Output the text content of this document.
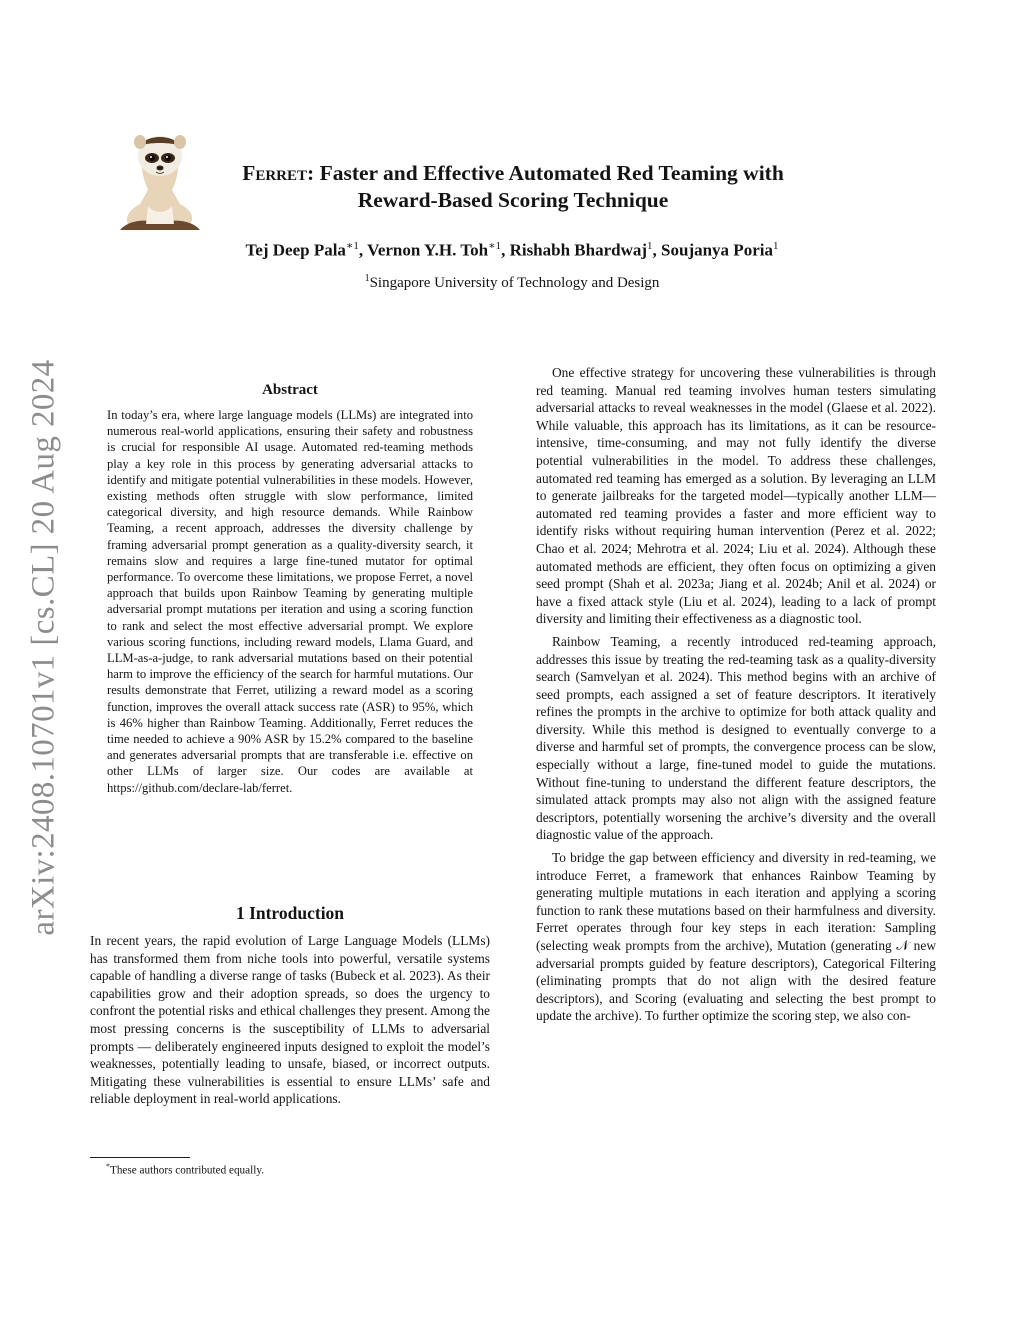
arXiv:2408.10701v1 [cs.CL] 20 Aug 2024
Ferret: Faster and Effective Automated Red Teaming with
Reward-Based Scoring Technique
Tej Deep Pala$^{∗1}$, Vernon Y.H. Toh$^{∗1}$, Rishabh Bhardwaj$^1$, Soujanya Poria$^1$
$^1$Singapore University of Technology and Design
Abstract

In today’s era, where large language models (LLMs) are integrated into numerous real-world applications, ensuring their safety and robustness is crucial for responsible AI usage. Automated red-teaming methods play a key role in this process by generating adversarial attacks to identify and mitigate potential vulnerabilities in these models. However, existing methods often struggle with slow performance, limited categorical diversity, and high resource demands. While Rainbow Teaming, a recent approach, addresses the diversity challenge by framing adversarial prompt generation as a quality-diversity search, it remains slow and requires a large fine-tuned mutator for optimal performance. To overcome these limitations, we propose Ferret, a novel approach that builds upon Rainbow Teaming by generating multiple adversarial prompt mutations per iteration and using a scoring function to rank and select the most effective adversarial prompt. We explore various scoring functions, including reward models, Llama Guard, and LLM-as-a-judge, to rank adversarial mutations based on their potential harm to improve the efficiency of the search for harmful mutations. Our results demonstrate that Ferret, utilizing a reward model as a scoring function, improves the overall attack success rate (ASR) to 95%, which is 46% higher than Rainbow Teaming. Additionally, Ferret reduces the time needed to achieve a 90% ASR by 15.2% compared to the baseline and generates adversarial prompts that are transferable i.e. effective on other LLMs of larger size. Our codes are available at https://github.com/declare-lab/ferret.

1 Introduction

In recent years, the rapid evolution of Large Language Models (LLMs) has transformed them from niche tools into powerful, versatile systems capable of handling a diverse range of tasks (Bubeck et al. 2023). As their capabilities grow and their adoption spreads, so does the urgency to confront the potential risks and ethical challenges they present. Among the most pressing concerns is the susceptibility of LLMs to adversarial prompts — deliberately engineered inputs designed to exploit the model’s weaknesses, potentially leading to unsafe, biased, or incorrect outputs. Mitigating these vulnerabilities is essential to ensure LLMs’ safe and reliable deployment in real-world applications.

*These authors contributed equally.

One effective strategy for uncovering these vulnerabilities is through red teaming. Manual red teaming involves human testers simulating adversarial attacks to reveal weaknesses in the model (Glaese et al. 2022). While valuable, this approach has its limitations, as it can be resource-intensive, time-consuming, and may not fully identify the diverse potential vulnerabilities in the model. To address these challenges, automated red teaming has emerged as a solution. By leveraging an LLM to generate jailbreaks for the targeted model—typically another LLM—automated red teaming provides a faster and more efficient way to identify risks without requiring human intervention (Perez et al. 2022; Chao et al. 2024; Mehrotra et al. 2024; Liu et al. 2024). Although these automated methods are efficient, they often focus on optimizing a given seed prompt (Shah et al. 2023a; Jiang et al. 2024b; Anil et al. 2024) or have a fixed attack style (Liu et al. 2024), leading to a lack of prompt diversity and limiting their effectiveness as a diagnostic tool.

Rainbow Teaming, a recently introduced red-teaming approach, addresses this issue by treating the red-teaming task as a quality-diversity search (Samvelyan et al. 2024). This method begins with an archive of seed prompts, each assigned a set of feature descriptors. It iteratively refines the prompts in the archive to optimize for both attack quality and diversity. While this method is designed to eventually converge to a diverse and harmful set of prompts, the convergence process can be slow, especially without a large, fine-tuned model to guide the mutations. Without fine-tuning to understand the different feature descriptors, the simulated attack prompts may also not align with the assigned feature descriptors, potentially worsening the archive’s diversity and the overall diagnostic value of the approach.

To bridge the gap between efficiency and diversity in red-teaming, we introduce Ferret, a framework that enhances Rainbow Teaming by generating multiple mutations in each iteration and applying a scoring function to rank these mutations based on their harmfulness and diversity. Ferret operates through four key steps in each iteration: Sampling (selecting weak prompts from the archive), Mutation (generating 𝒩 new adversarial prompts guided by feature descriptors), Categorical Filtering (eliminating prompts that do not align with the desired feature descriptors), and Scoring (evaluating and selecting the best prompt to update the archive). To further optimize the scoring step, we also con-
